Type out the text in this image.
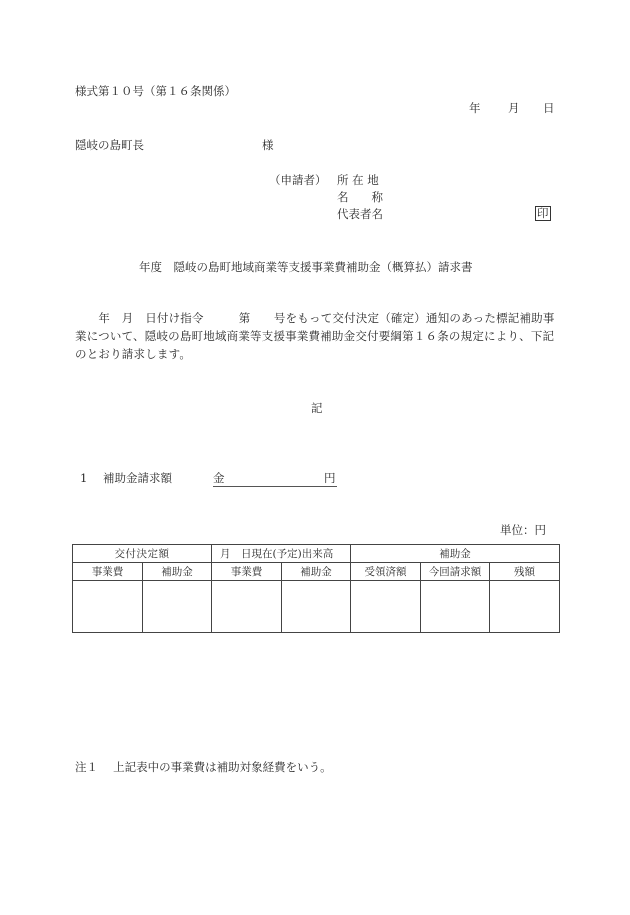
様式第１０号（第１６条関係）
年 月 日
隠岐の島町長	様
（申請者） 所 在 地
名　　称
代表者名	印
年度　隠岐の島町地域商業等支援事業費補助金（概算払）請求書
　　年　月　日付け指令　　　第　　号をもって交付決定（確定）通知のあった標記補助事業について、隠岐の島町地域商業等支援事業費補助金交付要綱第１６条の規定により、下記のとおり請求します。
記
1 補助金請求額	金	円
単位：円
交付決定額		月　日現在(予定)出来高		補助金		
事業費	補助金	事業費	補助金	受領済額	今回請求額	残額

注１　 上記表中の事業費は補助対象経費をいう。
